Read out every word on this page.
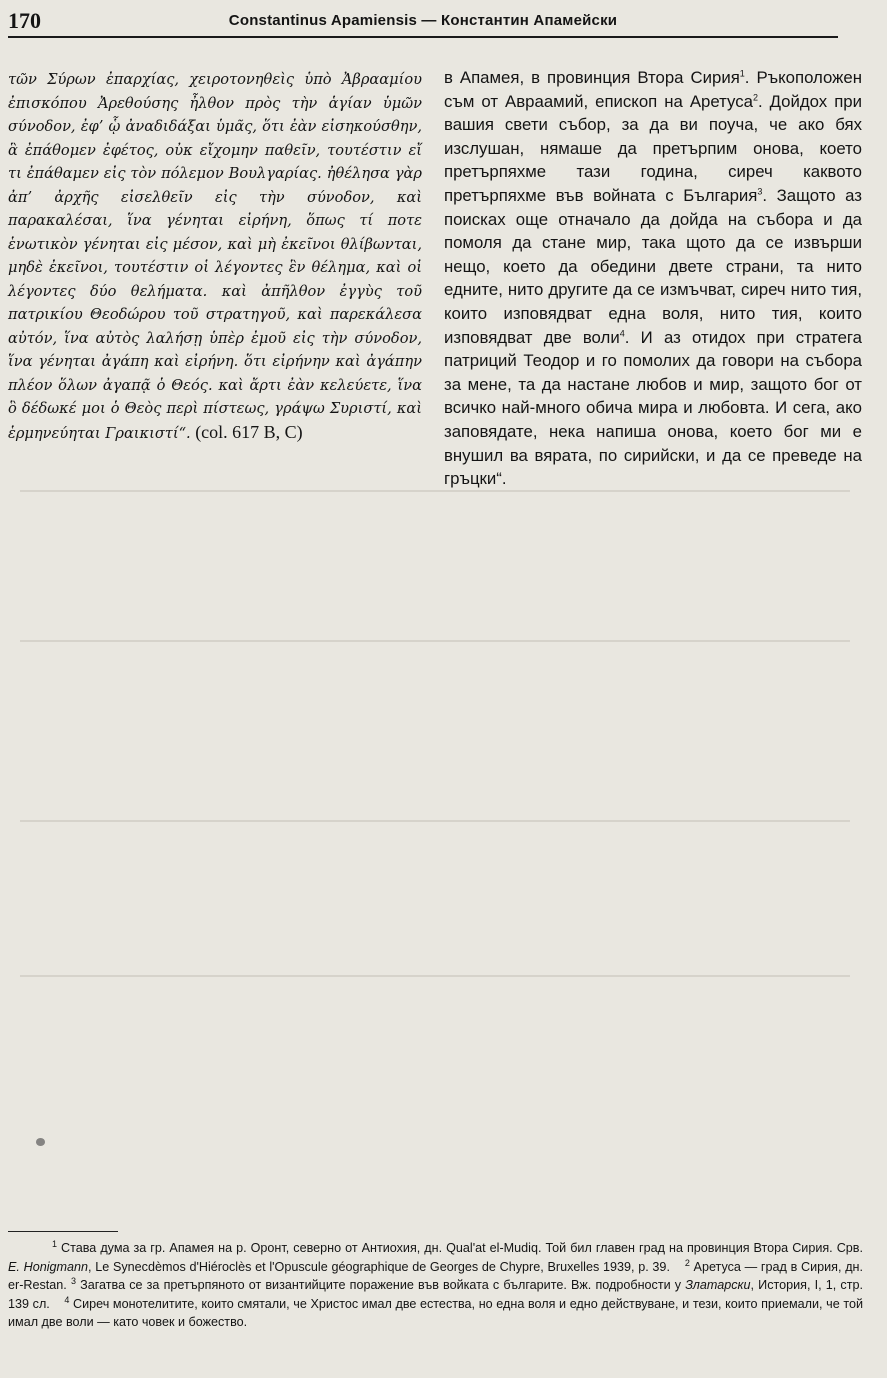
170	Constantinus Apamiensis — Константин Апамейски
τῶν Σύρων ἐπαρχίας, χειροτονηθεὶς ὑπὸ Ἀβρααμίου ἐπισκόπου Ἀρεθούσης ἦλθον πρὸς τὴν ἁγίαν ὑμῶν σύνοδον, ἐφ’ ᾧ ἀναδιδάξαι ὑμᾶς, ὅτι ἐὰν εἰσηκούσθην, ἃ ἐπάθομεν ἐφέτος, οὐκ εἴχομην παθεῖν, τουτέστιν εἴ τι ἐπάθαμεν εἰς τὸν πόλεμον Βουλγαρίας. ἠθέλησα γὰρ ἀπ’ ἀρχῆς εἰσελθεῖν εἰς τὴν σύνοδον, καὶ παρακαλέσαι, ἵνα γένηται εἰρήνη, ὅπως τί ποτε ἑνωτικὸν γένηται εἰς μέσον, καὶ μὴ ἐκεῖνοι θλίβωνται, μηδὲ ἐκεῖνοι, τουτέστιν οἱ λέγοντες ἓν θέλημα, καὶ οἱ λέγοντες δύο θελήματα. καὶ ἀπῆλθον ἐγγὺς τοῦ πατρικίου Θεοδώρου τοῦ στρατηγοῦ, καὶ παρεκάλεσα αὐτόν, ἵνα αὐτὸς λαλήσῃ ὑπὲρ ἐμοῦ εἰς τὴν σύνοδον, ἵνα γένηται ἀγάπη καὶ εἰρήνη. ὅτι εἰρήνην καὶ ἀγάπην πλέον ὅλων ἀγαπᾷ ὁ Θεός. καὶ ἄρτι ἐὰν κελεύετε, ἵνα ὃ δέδωκέ μοι ὁ Θεὸς περὶ πίστεως, γράψω Συριστί, καὶ ἑρμηνεύηται Γραικιστί“. (col. 617 B, C)
в Апамея, в провинция Втора Сирия$^1$. Ръкоположен съм от Авраамий, епископ на Аретуса$^2$. Дойдох при вашия свети събор, за да ви поуча, че ако бях изслушан, нямаше да претърпим онова, което претърпяхме тази година, сиреч каквото претърпяхме във войната с България$^3$. Защото аз поисках още отначало да дойда на събора и да помоля да стане мир, така щото да се извърши нещо, което да обедини двете страни, та нито едните, нито другите да се измъчват, сиреч нито тия, които изповядват една воля, нито тия, които изповядват две воли$^4$. И аз отидох при стратега патриций Теодор и го помолих да говори на събора за мене, та да настане любов и мир, защото бог от всичко най-много обича мира и любовта. И сега, ако заповядате, нека напиша онова, което бог ми е внушил ва вярата, по сирийски, и да се преведе на гръцки“.

$^1$ Става дума за гр. Апамея на р. Оронт, северно от Антиохия, дн. Qual'at el-Mudiq. Той бил главен град на провинция Втора Сирия. Срв. E. Honigmann, Le Synecdèmos d'Hiéroclès et l'Opuscule géographique de Georges de Chypre, Bruxelles 1939, p. 39. $^2$ Аретуса — град в Сирия, дн. er-Restan. $^3$ Загатва се за претърпяното от византийците поражение във войката с българите. Вж. подробности у Златарски, История, I, 1, стр. 139 сл. $^4$ Сиреч монотелитите, които смятали, че Христос имал две естества, но една воля и едно действуване, и тези, които приемали, че той имал две воли — като човек и божество.
